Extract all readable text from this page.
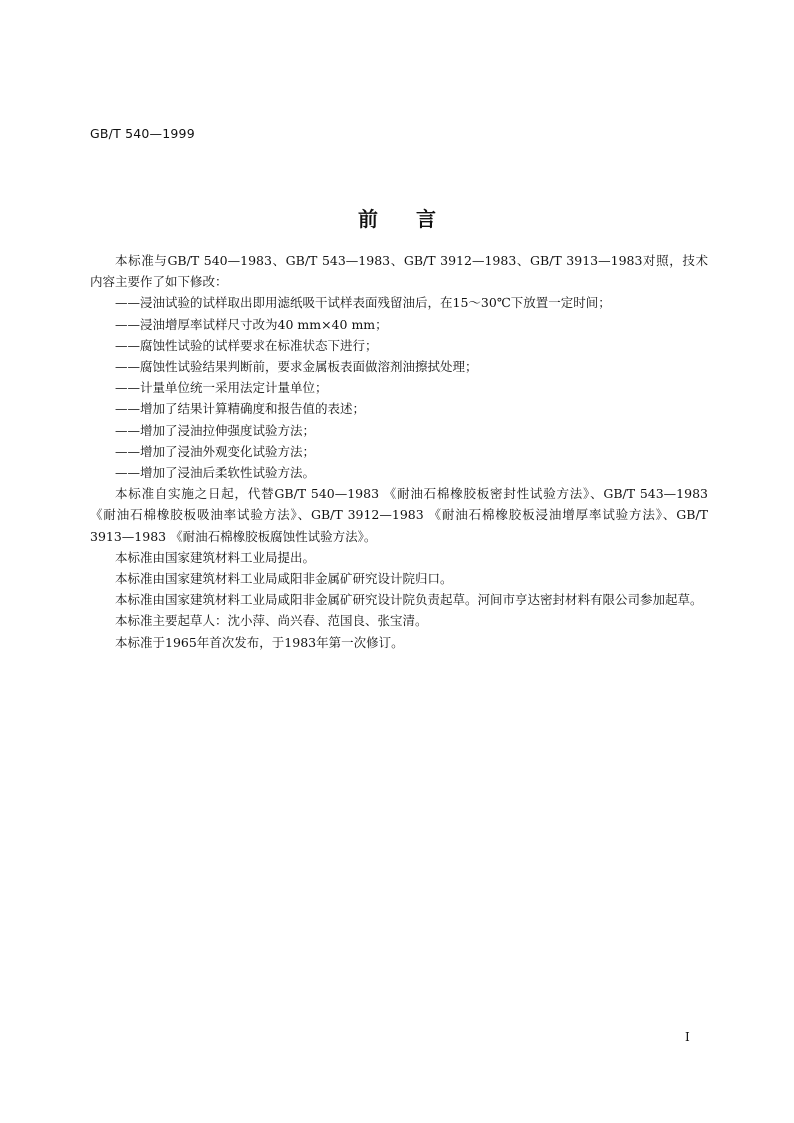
GB/T 540—1999
前言

本标准与GB/T 540—1983、GB/T 543—1983、GB/T 3912—1983、GB/T 3913—1983对照，技术内容主要作了如下修改：

——浸油试验的试样取出即用滤纸吸干试样表面残留油后，在15～30℃下放置一定时间；

——浸油增厚率试样尺寸改为40 mm×40 mm；

——腐蚀性试验的试样要求在标准状态下进行；

——腐蚀性试验结果判断前，要求金属板表面做溶剂油擦拭处理；

——计量单位统一采用法定计量单位；

——增加了结果计算精确度和报告值的表述；

——增加了浸油拉伸强度试验方法；

——增加了浸油外观变化试验方法；

——增加了浸油后柔软性试验方法。

本标准自实施之日起，代替GB/T 540—1983 《耐油石棉橡胶板密封性试验方法》、GB/T 543—1983 《耐油石棉橡胶板吸油率试验方法》、GB/T 3912—1983 《耐油石棉橡胶板浸油增厚率试验方法》、GB/T 3913—1983 《耐油石棉橡胶板腐蚀性试验方法》。

本标准由国家建筑材料工业局提出。

本标准由国家建筑材料工业局咸阳非金属矿研究设计院归口。

本标准由国家建筑材料工业局咸阳非金属矿研究设计院负责起草。河间市亨达密封材料有限公司参加起草。

本标准主要起草人：沈小萍、尚兴春、范国良、张宝清。

本标准于1965年首次发布，于1983年第一次修订。

I
